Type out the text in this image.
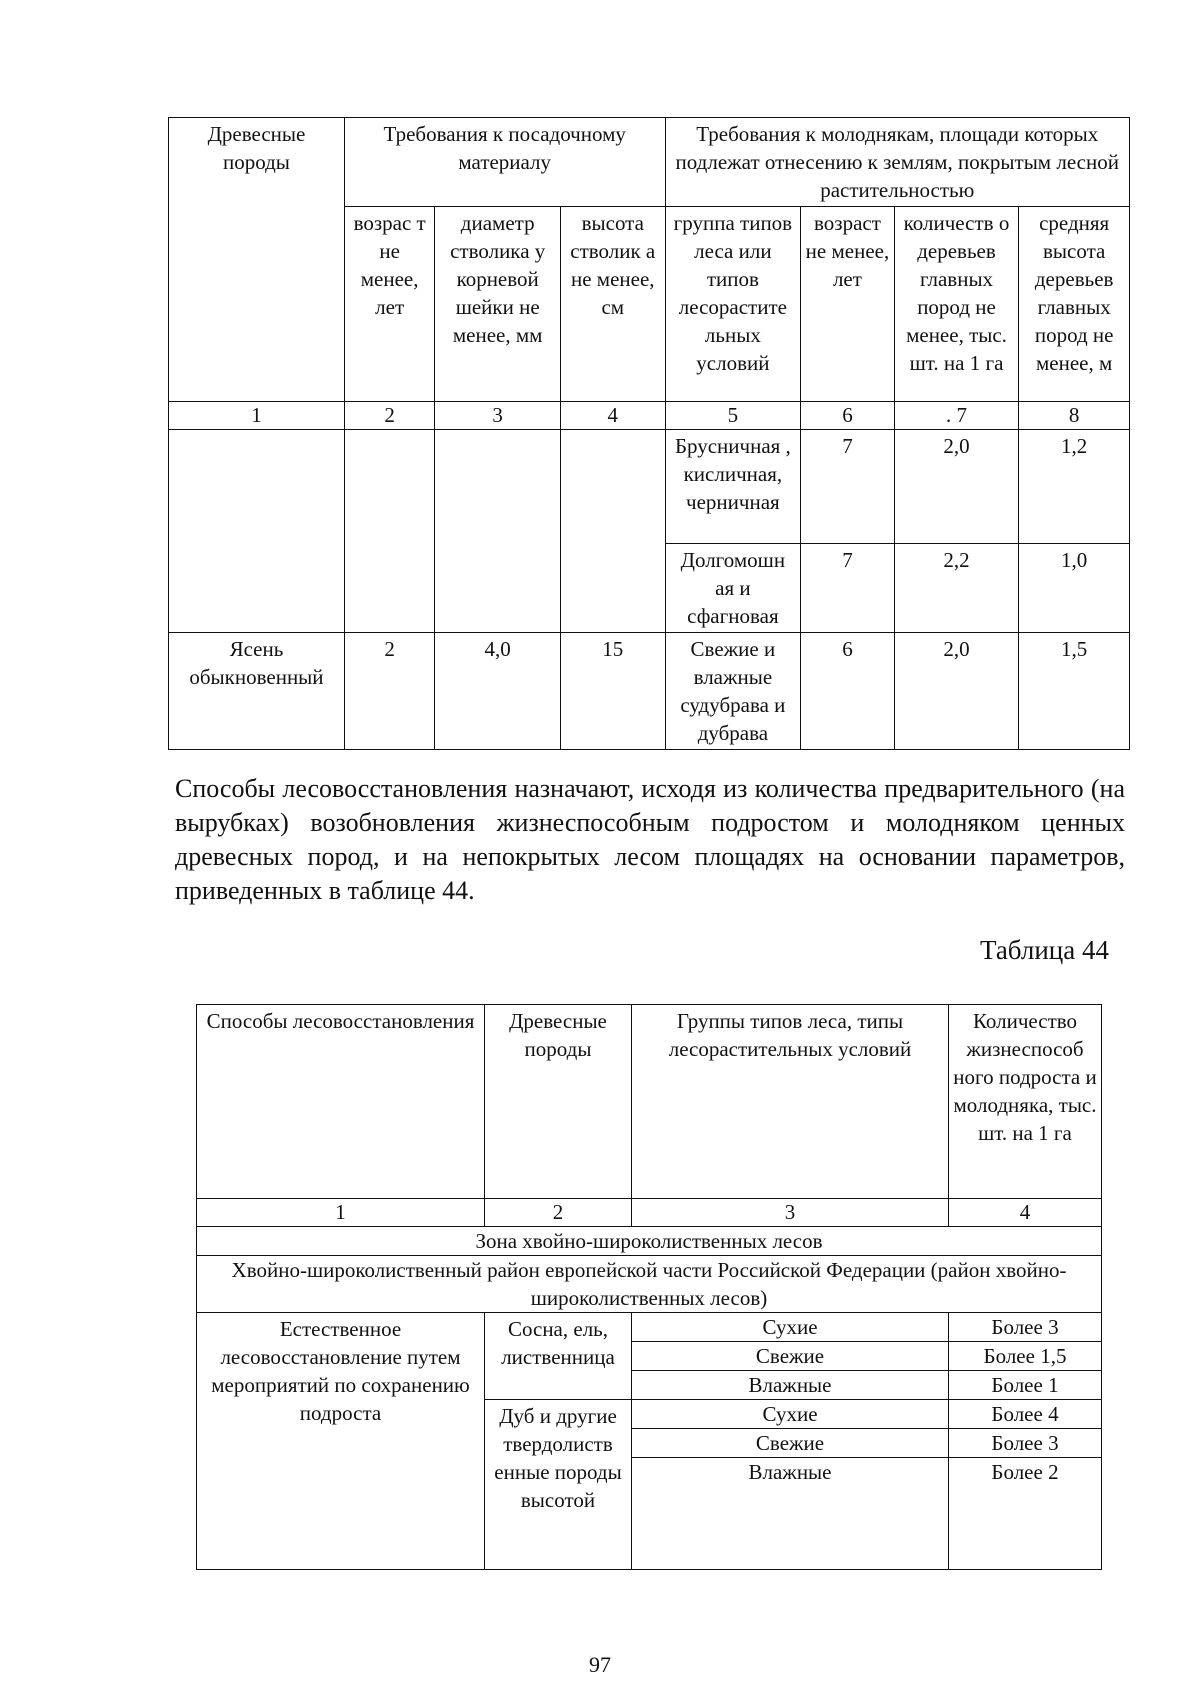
Древесные породы	Требования к посадочному материалу			Требования к молоднякам, площади которых подлежат отнесению к землям, покрытым лесной растительностью			
	возрас т не менее, лет	диаметр стволика у корневой шейки не менее, мм	высота стволик а не менее, см	группа типов леса или типов лесорастите льных условий	возраст не менее, лет	количеств о деревьев главных пород не менее, тыс. шт. на 1 га	средняя высота деревьев главных пород не менее, м
1	2	3	4	5	6	. 7	8
				Брусничная , кисличная, черничная	7	2,0	1,2
				Долгомошн ая и сфагновая	7	2,2	1,0
Ясень обыкновенный	2	4,0	15	Свежие и влажные судубрава и дубрава	6	2,0	1,5

Способы лесовосстановления назначают, исходя из количества предварительного (на вырубках) возобновления жизнеспособным подростом и молодняком ценных древесных пород, и на непокрытых лесом площадях на основании параметров, приведенных в таблице 44.

Таблица 44
Способы лесовосстановления	Древесные породы	Группы типов леса, типы лесорастительных условий	Количество жизнеспособ ного подроста и молодняка, тыс. шт. на 1 га
1	2	3	4
Зона хвойно-широколиственных лесов			
Хвойно-широколиственный район европейской части Российской Федерации (район хвойно-широколиственных лесов)			
Естественное лесовосстановление путем мероприятий по сохранению подроста	Сосна, ель, лиственница	Сухие	Более 3
		Свежие	Более 1,5
		Влажные	Более 1
	Дуб и другие твердолиств енные породы высотой	Сухие	Более 4
		Свежие	Более 3
		Влажные	Более 2
97
